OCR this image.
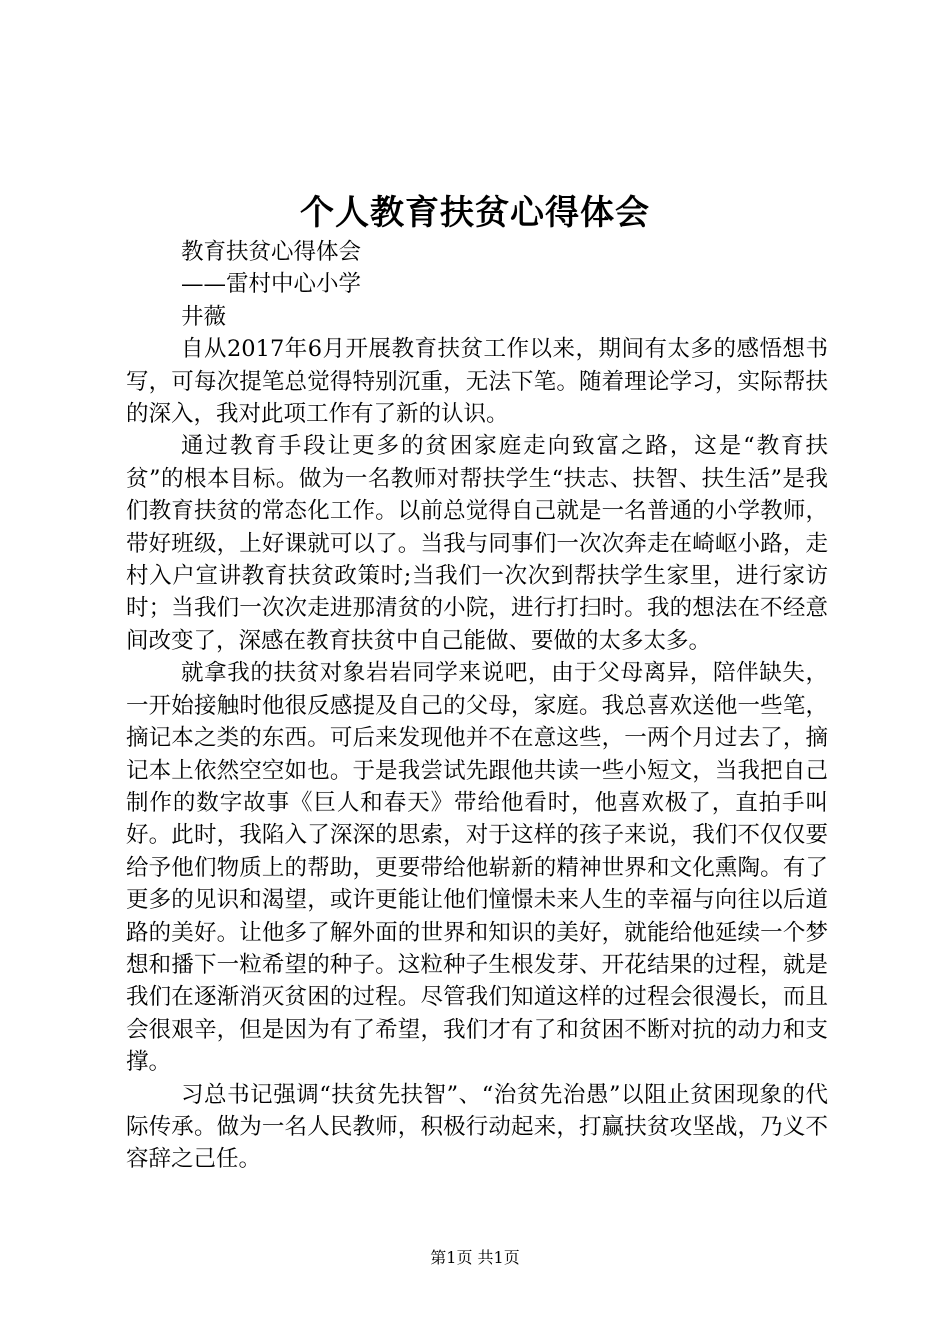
个人教育扶贫心得体会

教育扶贫心得体会

——雷村中心小学

井薇

自从2017年6月开展教育扶贫工作以来，期间有太多的感悟想书写，可每次提笔总觉得特别沉重，无法下笔。随着理论学习，实际帮扶的深入，我对此项工作有了新的认识。

通过教育手段让更多的贫困家庭走向致富之路，这是“教育扶贫”的根本目标。做为一名教师对帮扶学生“扶志、扶智、扶生活”是我们教育扶贫的常态化工作。以前总觉得自己就是一名普通的小学教师，带好班级，上好课就可以了。当我与同事们一次次奔走在崎岖小路，走村入户宣讲教育扶贫政策时;当我们一次次到帮扶学生家里，进行家访时；当我们一次次走进那清贫的小院，进行打扫时。我的想法在不经意间改变了，深感在教育扶贫中自己能做、要做的太多太多。

就拿我的扶贫对象岩岩同学来说吧，由于父母离异，陪伴缺失，一开始接触时他很反感提及自己的父母，家庭。我总喜欢送他一些笔，摘记本之类的东西。可后来发现他并不在意这些，一两个月过去了，摘记本上依然空空如也。于是我尝试先跟他共读一些小短文，当我把自己制作的数字故事《巨人和春天》带给他看时，他喜欢极了，直拍手叫好。此时，我陷入了深深的思索，对于这样的孩子来说，我们不仅仅要给予他们物质上的帮助，更要带给他崭新的精神世界和文化熏陶。有了更多的见识和渴望，或许更能让他们憧憬未来人生的幸福与向往以后道路的美好。让他多了解外面的世界和知识的美好，就能给他延续一个梦想和播下一粒希望的种子。这粒种子生根发芽、开花结果的过程，就是我们在逐渐消灭贫困的过程。尽管我们知道这样的过程会很漫长，而且会很艰辛，但是因为有了希望，我们才有了和贫困不断对抗的动力和支撑。

习总书记强调“扶贫先扶智”、“治贫先治愚”以阻止贫困现象的代际传承。做为一名人民教师，积极行动起来，打赢扶贫攻坚战，乃义不容辞之己任。

第1页 共1页
